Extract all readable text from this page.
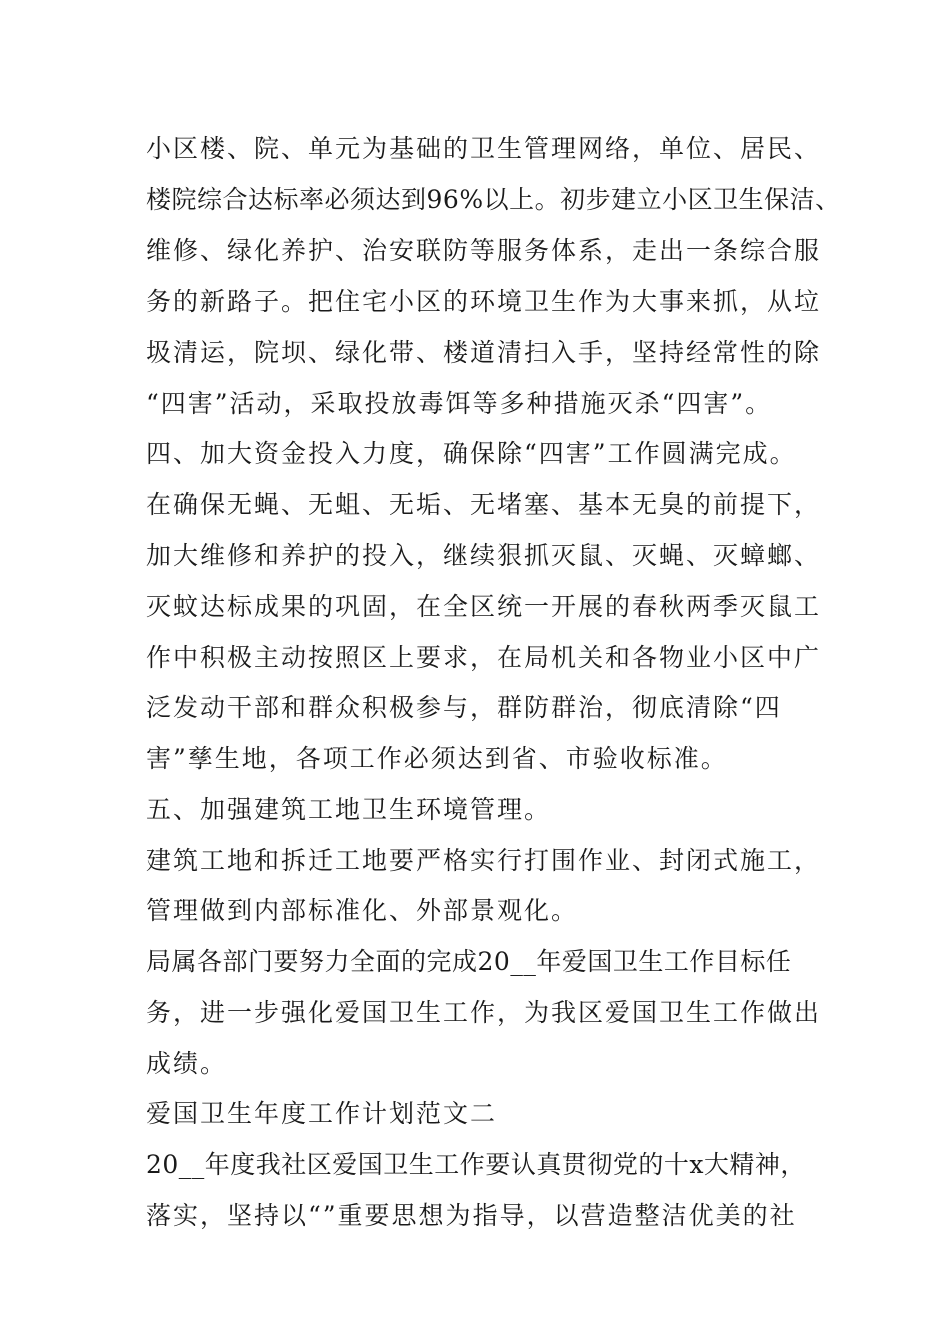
小区楼、院、单元为基础的卫生管理网络，单位、居民、
楼院综合达标率必须达到96%以上。初步建立小区卫生保洁、
维修、绿化养护、治安联防等服务体系，走出一条综合服
务的新路子。把住宅小区的环境卫生作为大事来抓，从垃
圾清运，院坝、绿化带、楼道清扫入手，坚持经常性的除
“四害”活动，采取投放毒饵等多种措施灭杀“四害”。
四、加大资金投入力度，确保除“四害”工作圆满完成。
在确保无蝇、无蛆、无垢、无堵塞、基本无臭的前提下，
加大维修和养护的投入，继续狠抓灭鼠、灭蝇、灭蟑螂、
灭蚊达标成果的巩固，在全区统一开展的春秋两季灭鼠工
作中积极主动按照区上要求，在局机关和各物业小区中广
泛发动干部和群众积极参与，群防群治，彻底清除“四
害”孳生地，各项工作必须达到省、市验收标准。
五、加强建筑工地卫生环境管理。
建筑工地和拆迁工地要严格实行打围作业、封闭式施工，
管理做到内部标准化、外部景观化。
局属各部门要努力全面的完成20__年爱国卫生工作目标任
务，进一步强化爱国卫生工作，为我区爱国卫生工作做出
成绩。
爱国卫生年度工作计划范文二
20__年度我社区爱国卫生工作要认真贯彻党的十x大精神，
落实，坚持以“”重要思想为指导，以营造整洁优美的社
